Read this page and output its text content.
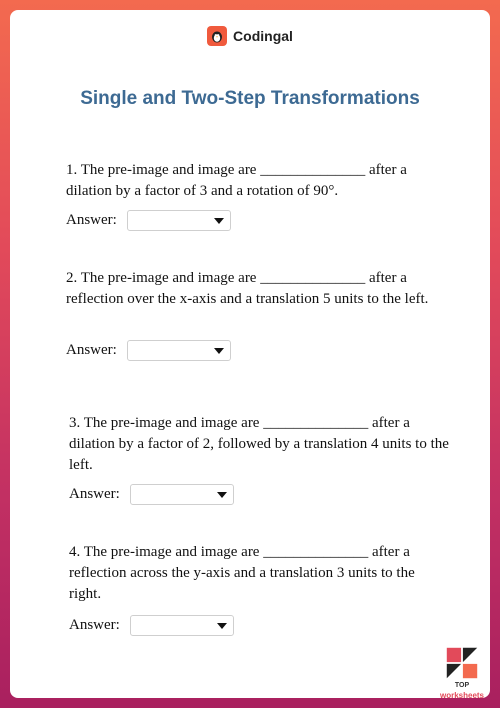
Codingal
Single and Two-Step Transformations
1. The pre-image and image are ______________ after a dilation by a factor of 3 and a rotation of 90°.
Answer:
2. The pre-image and image are ______________ after a reflection over the x-axis and a translation 5 units to the left.
Answer:
3. The pre-image and image are ______________ after a dilation by a factor of 2, followed by a translation 4 units to the left.
Answer:
4. The pre-image and image are ______________ after a reflection across the y-axis and a translation 3 units to the right.
Answer:
TOP
worksheets
